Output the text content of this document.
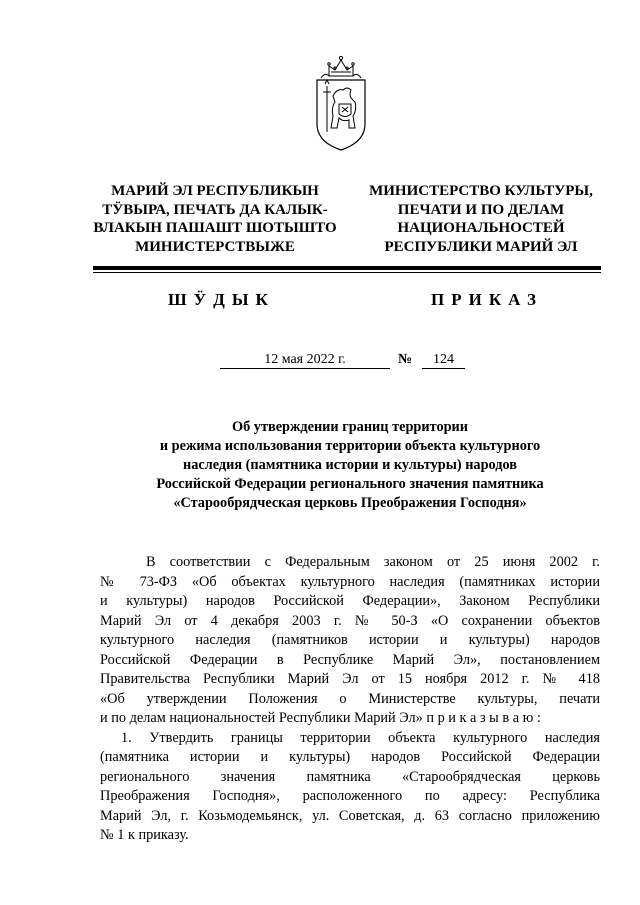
МАРИЙ ЭЛ РЕСПУБЛИКЫН
ТӰВЫРА, ПЕЧАТЬ ДА КАЛЫК-
ВЛАКЫН ПАШАШТ ШОТЫШТО
МИНИСТЕРСТВЫЖЕ
МИНИСТЕРСТВО КУЛЬТУРЫ,
ПЕЧАТИ И ПО ДЕЛАМ
НАЦИОНАЛЬНОСТЕЙ
РЕСПУБЛИКИ МАРИЙ ЭЛ
ШӰДЫК	ПРИКАЗ
12 мая 2022 г.	№	124
Об утверждении границ территории
и режима использования территории объекта культурного
наследия (памятника истории и культуры) народов
Российской Федерации регионального значения памятника
«Старообрядческая церковь Преображения Господня»
В соответствии с Федеральным законом от 25 июня 2002 г.
№ 73-ФЗ «Об объектах культурного наследия (памятниках истории
и культуры) народов Российской Федерации», Законом Республики
Марий Эл от 4 декабря 2003 г. № 50-З «О сохранении объектов
культурного наследия (памятников истории и культуры) народов
Российской Федерации в Республике Марий Эл», постановлением
Правительства Республики Марий Эл от 15 ноября 2012 г. № 418
«Об утверждении Положения о Министерстве культуры, печати
и по делам национальностей Республики Марий Эл» п р и к а з ы в а ю :
1. Утвердить границы территории объекта культурного наследия
(памятника истории и культуры) народов Российской Федерации
регионального значения памятника «Старообрядческая церковь
Преображения Господня», расположенного по адресу: Республика
Марий Эл, г. Козьмодемьянск, ул. Советская, д. 63 согласно приложению
№ 1 к приказу.
